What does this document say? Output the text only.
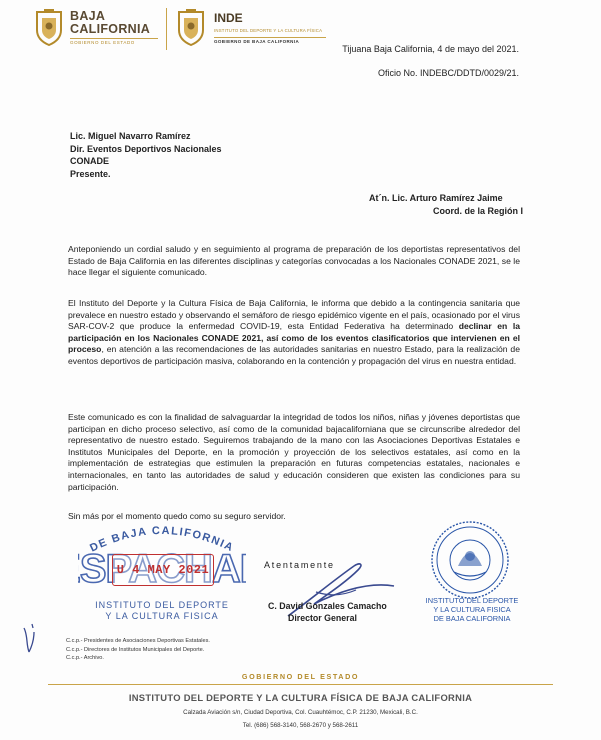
BAJA
CALIFORNIA
GOBIERNO DEL ESTADO
INDE
INSTITUTO DEL DEPORTE Y LA CULTURA FÍSICA
GOBIERNO DE BAJA CALIFORNIA
Tijuana Baja California, 4 de mayo del 2021.
Oficio No. INDEBC/DDTD/0029/21.
Lic. Miguel Navarro Ramírez
Dir. Eventos Deportivos Nacionales
CONADE
Presente.
At´n. Lic. Arturo Ramírez Jaime
Coord. de la Región I
Anteponiendo un cordial saludo y en seguimiento al programa de preparación de los deportistas representativos del Estado de Baja California en las diferentes disciplinas y categorías convocadas a los Nacionales CONADE 2021, se le hace llegar el siguiente comunicado.
El Instituto del Deporte y la Cultura Física de Baja California, le informa que debido a la contingencia sanitaria que prevalece en nuestro estado y observando el semáforo de riesgo epidémico vigente en el país, ocasionado por el virus SAR-COV-2 que produce la enfermedad COVID-19, esta Entidad Federativa ha determinado declinar en la participación en los Nacionales CONADE 2021, así como de los eventos clasificatorios que intervienen en el proceso, en atención a las recomendaciones de las autoridades sanitarias en nuestro Estado, para la realización de eventos deportivos de participación masiva, colaborando en la contención y propagación del virus en nuestra entidad.
Este comunicado es con la finalidad de salvaguardar la integridad de todos los niños, niñas y jóvenes deportistas que participan en dicho proceso selectivo, así como de la comunidad bajacaliforniana que se circunscribe alrededor del representativo de nuestro estado. Seguiremos trabajando de la mano con las Asociaciones Deportivas Estatales e Institutos Municipales del Deporte, en la promoción y proyección de los selectivos estatales, así como en la implementación de estrategias que estimulen la preparación en futuras competencias estatales, nacionales e internacionales, en tanto las autoridades de salud y educación consideren que existen las condiciones para su participación.
Sin más por el momento quedo como su seguro servidor.
DE BAJA CALIFORNIA
SPACHA
INSTITUTO DEL DEPORTE
Y LA CULTURA FISICA
U 4 MAY 2021	Atentamente
C. David Gonzales Camacho
Director General
INSTITUTO DEL DEPORTE
Y LA CULTURA FISICA
DE BAJA CALIFORNIA
C.c.p.- Presidentes de Asociaciones Deportivas Estatales.
C.c.p.- Directores de Institutos Municipales del Deporte.
C.c.p.- Archivo.
GOBIERNO DEL ESTADO
INSTITUTO DEL DEPORTE Y LA CULTURA FÍSICA DE BAJA CALIFORNIA
Calzada Aviación s/n, Ciudad Deportiva, Col. Cuauhtémoc, C.P. 21230, Mexicali, B.C.
Tel. (686) 568-3140, 568-2670 y 568-2611
